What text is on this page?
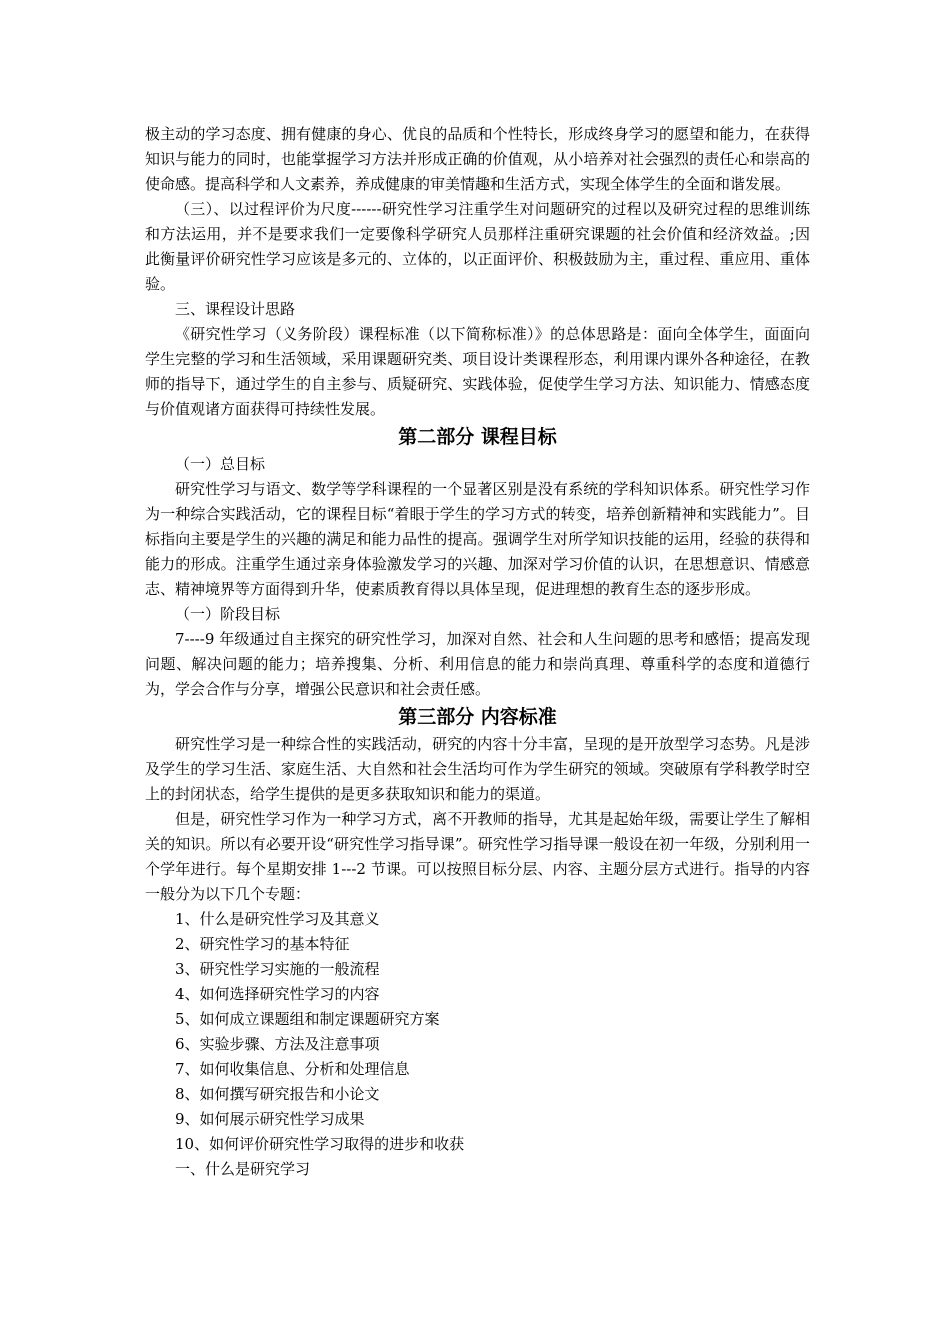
极主动的学习态度、拥有健康的身心、优良的品质和个性特长，形成终身学习的愿望和能力，在获得知识与能力的同时，也能掌握学习方法并形成正确的价值观，从小培养对社会强烈的责任心和崇高的使命感。提高科学和人文素养，养成健康的审美情趣和生活方式，实现全体学生的全面和谐发展。

（三）、以过程评价为尺度------研究性学习注重学生对问题研究的过程以及研究过程的思维训练和方法运用，并不是要求我们一定要像科学研究人员那样注重研究课题的社会价值和经济效益。;因此衡量评价研究性学习应该是多元的、立体的，以正面评价、积极鼓励为主，重过程、重应用、重体验。

三、课程设计思路

《研究性学习（义务阶段）课程标准（以下简称标准）》的总体思路是：面向全体学生，面面向学生完整的学习和生活领域，采用课题研究类、项目设计类课程形态，利用课内课外各种途径，在教师的指导下，通过学生的自主参与、质疑研究、实践体验，促使学生学习方法、知识能力、情感态度与价值观诸方面获得可持续性发展。

第二部分 课程目标

（一）总目标

研究性学习与语文、数学等学科课程的一个显著区别是没有系统的学科知识体系。研究性学习作为一种综合实践活动，它的课程目标“着眼于学生的学习方式的转变，培养创新精神和实践能力”。目标指向主要是学生的兴趣的满足和能力品性的提高。强调学生对所学知识技能的运用，经验的获得和能力的形成。注重学生通过亲身体验激发学习的兴趣、加深对学习价值的认识，在思想意识、情感意志、精神境界等方面得到升华，使素质教育得以具体呈现，促进理想的教育生态的逐步形成。

（一）阶段目标

7----9 年级通过自主探究的研究性学习，加深对自然、社会和人生问题的思考和感悟；提高发现问题、解决问题的能力；培养搜集、分析、利用信息的能力和崇尚真理、尊重科学的态度和道德行为，学会合作与分享，增强公民意识和社会责任感。

第三部分 内容标准

研究性学习是一种综合性的实践活动，研究的内容十分丰富，呈现的是开放型学习态势。凡是涉及学生的学习生活、家庭生活、大自然和社会生活均可作为学生研究的领域。突破原有学科教学时空上的封闭状态，给学生提供的是更多获取知识和能力的渠道。

但是，研究性学习作为一种学习方式，离不开教师的指导，尤其是起始年级，需要让学生了解相关的知识。所以有必要开设“研究性学习指导课”。研究性学习指导课一般设在初一年级，分别利用一个学年进行。每个星期安排 1---2 节课。可以按照目标分层、内容、主题分层方式进行。指导的内容一般分为以下几个专题：

1、什么是研究性学习及其意义

2、研究性学习的基本特征

3、研究性学习实施的一般流程

4、如何选择研究性学习的内容

5、如何成立课题组和制定课题研究方案

6、实验步骤、方法及注意事项

7、如何收集信息、分析和处理信息

8、如何撰写研究报告和小论文

9、如何展示研究性学习成果

10、如何评价研究性学习取得的进步和收获

一、什么是研究学习
